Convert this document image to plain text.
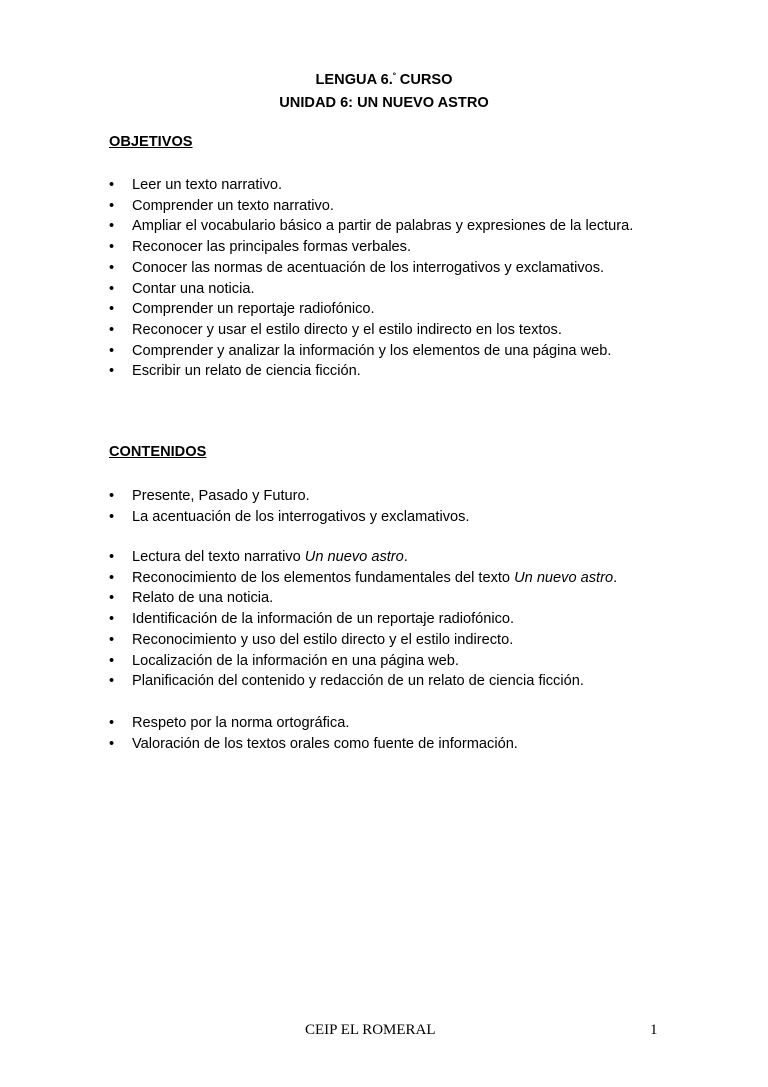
LENGUA 6.$^º$ CURSO
UNIDAD 6: UN NUEVO ASTRO
OBJETIVOS
• Leer un texto narrativo.
• Comprender un texto narrativo.
• Ampliar el vocabulario básico a partir de palabras y expresiones de la lectura.
• Reconocer las principales formas verbales.
• Conocer las normas de acentuación de los interrogativos y exclamativos.
• Contar una noticia.
• Comprender un reportaje radiofónico.
• Reconocer y usar el estilo directo y el estilo indirecto en los textos.
• Comprender y analizar la información y los elementos de una página web.
• Escribir un relato de ciencia ficción.
CONTENIDOS
• Presente, Pasado y Futuro.
• La acentuación de los interrogativos y exclamativos.
• Lectura del texto narrativo Un nuevo astro.
• Reconocimiento de los elementos fundamentales del texto Un nuevo astro.
• Relato de una noticia.
• Identificación de la información de un reportaje radiofónico.
• Reconocimiento y uso del estilo directo y el estilo indirecto.
• Localización de la información en una página web.
• Planificación del contenido y redacción de un relato de ciencia ficción.
• Respeto por la norma ortográfica.
• Valoración de los textos orales como fuente de información.
CEIP EL ROMERAL	1
